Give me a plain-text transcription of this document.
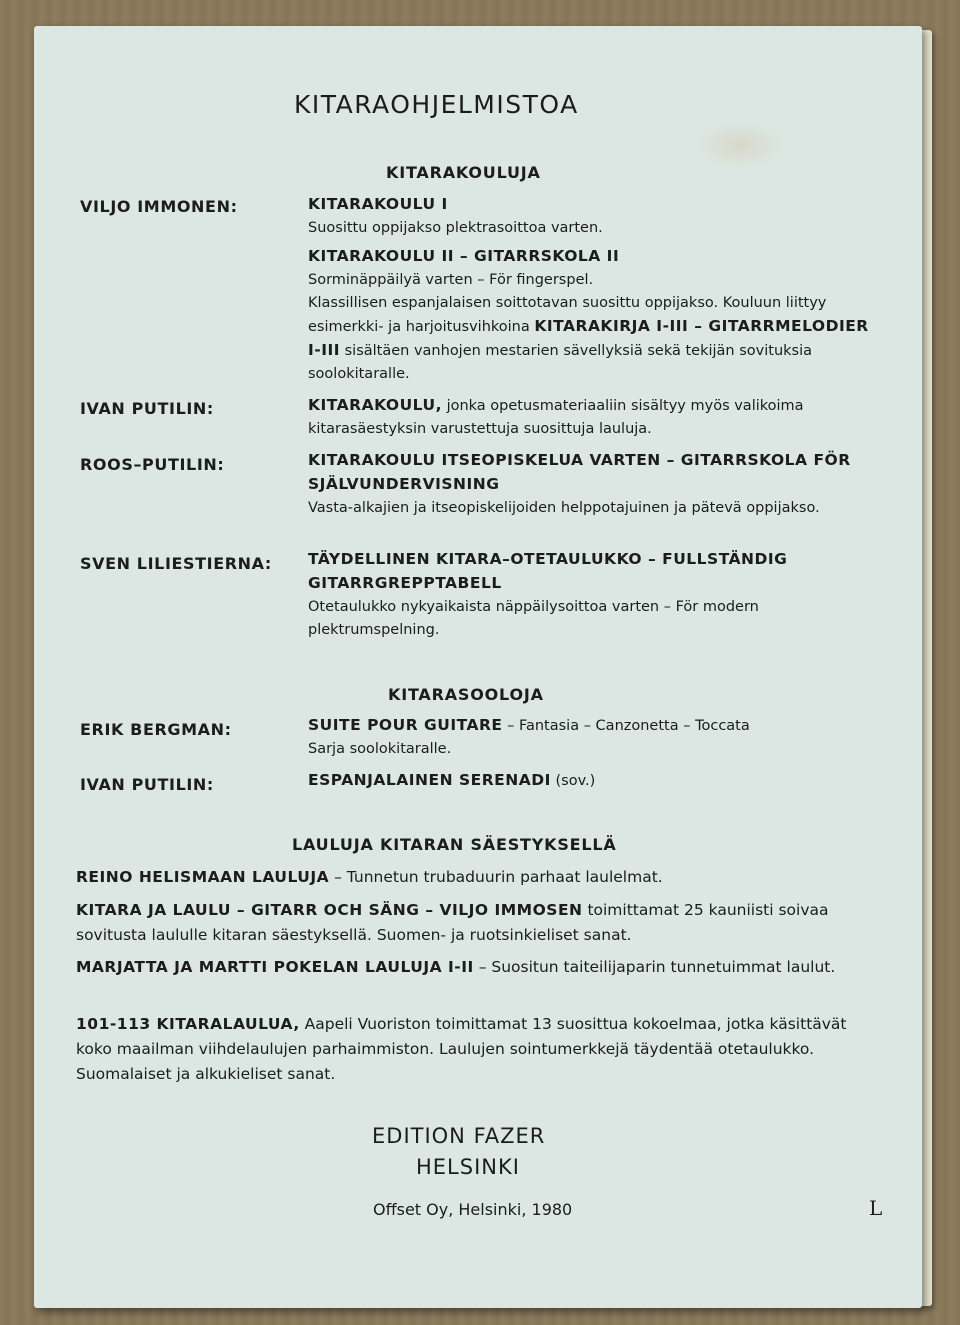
KITARAOHJELMISTOA
KITARAKOULUJA
VILJO IMMONEN:	KITARAKOULU I
Suosittu oppijakso plektrasoittoa varten.
KITARAKOULU II – GITARRSKOLA II
Sorminäppäilyä varten – För fingerspel.
Klassillisen espanjalaisen soittotavan suosittu oppijakso. Kouluun liittyy esimerkki- ja harjoitusvihkoina KITARAKIRJA I-III – GITARRMELODIER I-III sisältäen vanhojen mestarien sävellyksiä sekä tekijän sovituksia soolokitaralle.
IVAN PUTILIN:	KITARAKOULU, jonka opetusmateriaaliin sisältyy myös valikoima kitarasäestyksin varustettuja suosittuja lauluja.
ROOS–PUTILIN:	KITARAKOULU ITSEOPISKELUA VARTEN – GITARRSKOLA FÖR SJÄLVUNDERVISNING
Vasta-alkajien ja itseopiskelijoiden helppotajuinen ja pätevä oppijakso.
SVEN LILIESTIERNA: TÄYDELLINEN KITARA–OTETAULUKKO – FULLSTÄNDIG GITARRGREPPTABELL
Otetaulukko nykyaikaista näppäilysoittoa varten – För modern plektrumspelning.
KITARASOOLOJA
ERIK BERGMAN:	SUITE POUR GUITARE – Fantasia – Canzonetta – Toccata
Sarja soolokitaralle.
IVAN PUTILIN:	ESPANJALAINEN SERENADI (sov.)
LAULUJA KITARAN SÄESTYKSELLÄ
REINO HELISMAAN LAULUJA – Tunnetun trubaduurin parhaat laulelmat.
KITARA JA LAULU – GITARR OCH SÄNG – VILJO IMMOSEN toimittamat 25 kauniisti soivaa sovitusta laululle kitaran säestyksellä. Suomen- ja ruotsinkieliset sanat.
MARJATTA JA MARTTI POKELAN LAULUJA I-II – Suositun taiteilijaparin tunnetuimmat laulut.
101-113 KITARALAULUA, Aapeli Vuoriston toimittamat 13 suosittua kokoelmaa, jotka käsittävät koko maailman viihdelaulujen parhaimmiston. Laulujen sointumerkkejä täydentää otetaulukko. Suomalaiset ja alkukieliset sanat.
EDITION FAZER
HELSINKI
Offset Oy, Helsinki, 1980	L
